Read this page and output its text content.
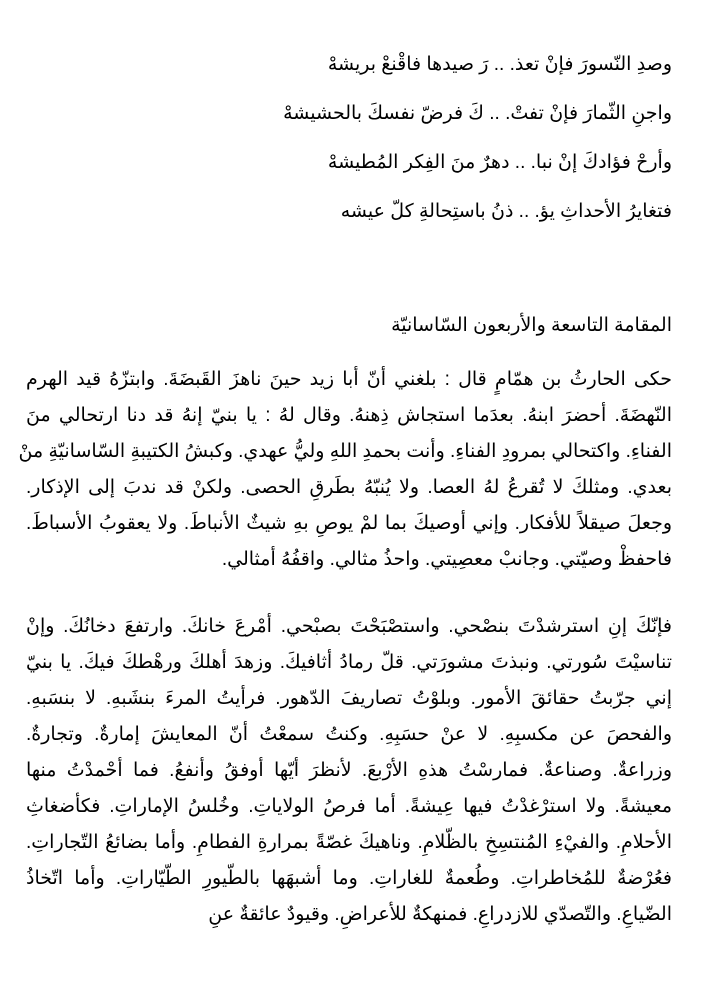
وصدِ النّسورَ فإنْ تعذ. .. رَ صيدها فاقْنعْ بريشهْ
واجنِ الثّمارَ فإنْ تفتْ. .. كَ فرضّ نفسكَ بالحشيشهْ
وأرحْ فؤادكَ إنْ نبا. .. دهرٌ منَ الفِكر المُطيشهْ
فتغايرُ الأحداثِ يؤ. .. ذنُ باستِحالةِ كلّ عيشه
المقامة التاسعة والأربعون السّاسانيّة
حكى الحارثُ بن همّامٍ قال : بلغني أنّ أبا زيد حينَ ناهزَ القَبضَةَ. وابتزّهُ قيد الهرم
النّهضَةَ. أحضرَ ابنهُ. بعدَما استجاش ذِهنهُ. وقال لهُ : يا بنيّ إنهُ قد دنا ارتحالي منَ
الفناءِ. واكتحالي بمرودِ الفناءِ. وأنت بحمدِ اللهِ وليُّ عهدي. وكبشُ الكتيبةِ السّاسانيّةِ منْ
بعدي. ومثلكَ لا تُقرعُ لهُ العصا. ولا يُنبّهُ بطَرقِ الحصى. ولكنْ قد ندبَ إلى الإذكار.
وجعلَ صيقلاً للأفكار. وإني أوصيكَ بما لمْ يوصِ بهِ شيثٌ الأنباطَ. ولا يعقوبُ الأسباطَ.
فاحفظْ وصيّتي. وجانبْ معصِيتي. واحذُ مثالي. واقفُهُ أمثالي.
فإنّكَ إنِ استرشدْتَ بنصْحي. واستصْبَحْتَ بصبْحي. أمْرعَ خانكَ. وارتفعَ دخانُكَ. وإنْ
تناسيْتَ سُورتي. ونبذتَ مشورَتي. قلّ رمادُ أثافيكَ. وزهدَ أهلكَ ورهْطكَ فيكَ. يا بنيّ
إني جرّبتُ حقائقَ الأمور. وبلوْتُ تصاريفَ الدّهور. فرأيتُ المرءَ بنشَبهِ. لا بنسَبهِ.
والفحصَ عن مكسبِهِ. لا عنْ حسَبِهِ. وكنتُ سمعْتُ أنّ المعايشَ إمارةٌ. وتجارةٌ.
وزراعةٌ. وصناعةٌ. فمارسْتُ هذهِ الأرْبعَ. لأنظرَ أيّها أوفقُ وأنفعُ. فما أحْمدْتُ منها
معيشةً. ولا استرْغدْتُ فيها عِيشةً. أما فرصُ الولاياتِ. وخُلسُ الإماراتِ. فكأضغاثِ
الأحلامِ. والفيْءِ المُنتسِخِ بالظّلامِ. وناهيكَ غصّةً بمرارةِ الفطامِ. وأما بضائعُ التّجاراتِ.
فعُرْضةٌ للمُخاطراتِ. وطُعمةٌ للغاراتِ. وما أشبهَها بالطّيورِ الطّيّاراتِ. وأما اتّخاذُ
الضّياعِ. والتّصدّي للازدراعِ. فمنهكةٌ للأعراضِ. وقيودٌ عائقةٌ عنِ
